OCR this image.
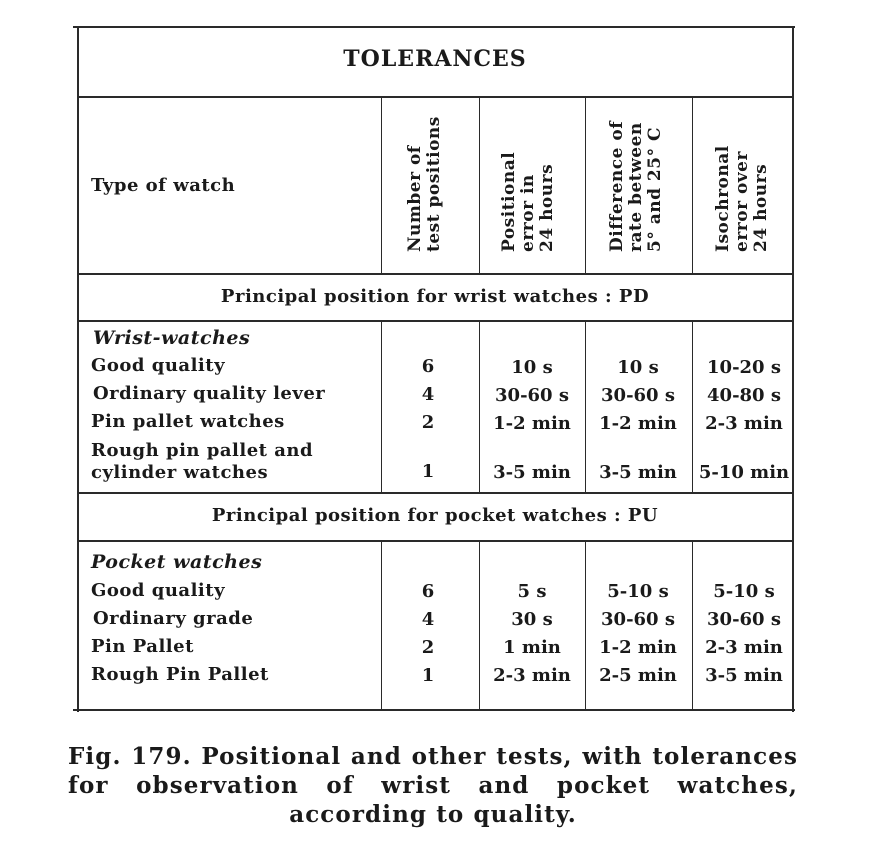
TOLERANCES
Type of watch	Number of test positions	Positional error in 24 hours	Difference of rate between 5° and 25° C	Isochronal error over 24 hours
Principal position for wrist watches : PD
Wrist-watches
Good quality	6	10 s	10 s	10-20 s
Ordinary quality lever	4	30-60 s	30-60 s	40-80 s
Pin pallet watches	2	1-2 min	1-2 min	2-3 min
Rough pin pallet and
cylinder watches	1	3-5 min	3-5 min	5-10 min
Principal position for pocket watches : PU
Pocket watches
Good quality	6	5 s	5-10 s	5-10 s
Ordinary grade	4	30 s	30-60 s	30-60 s
Pin Pallet	2	1 min	1-2 min	2-3 min
Rough Pin Pallet	1	2-3 min	2-5 min	3-5 min
Fig. 179. Positional and other tests, with tolerances for observation of wrist and pocket watches, according to quality.
